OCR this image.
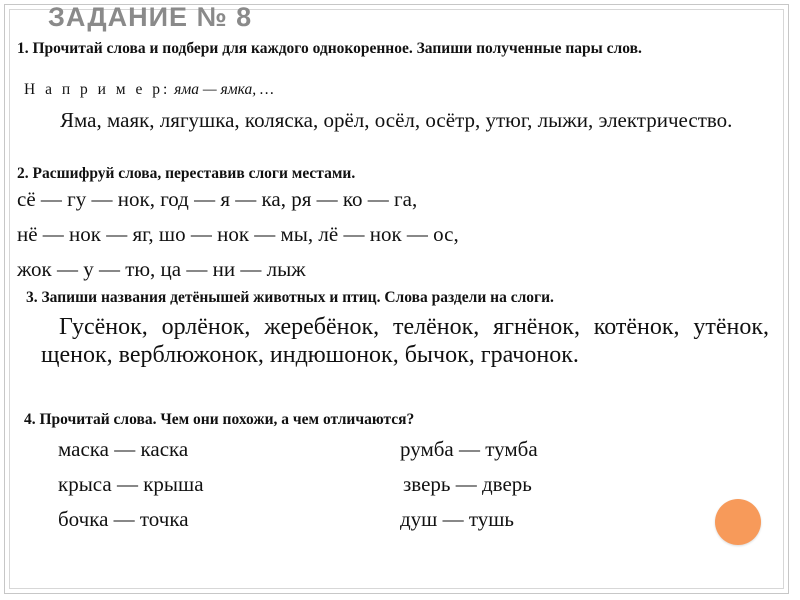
ЗАДАНИЕ № 8
1. Прочитай слова и подбери для каждого однокоренное. Запиши полученные пары слов.
Н а п р и м е р: яма — ямка, …
Яма, маяк, лягушка, коляска, орёл, осёл, осётр, утюг, лыжи, электричество.
2. Расшифруй слова, переставив слоги местами.
сё — гу — нок, год — я — ка, ря — ко — га,
нё — нок — яг, шо — нок — мы, лё — нок — ос,
жок — у — тю, ца — ни — лыж
3. Запиши названия детёнышей животных и птиц. Слова раздели на слоги.
Гусёнок, орлёнок, жеребёнок, телёнок, ягнёнок, котёнок, утёнок, щенок, верблюжонок, индюшонок, бычок, грачонок.
4. Прочитай слова. Чем они похожи, а чем отличаются?
маска — каска
крыса — крыша
бочка — точка
румба — тумба
зверь — дверь
душ — тушь
